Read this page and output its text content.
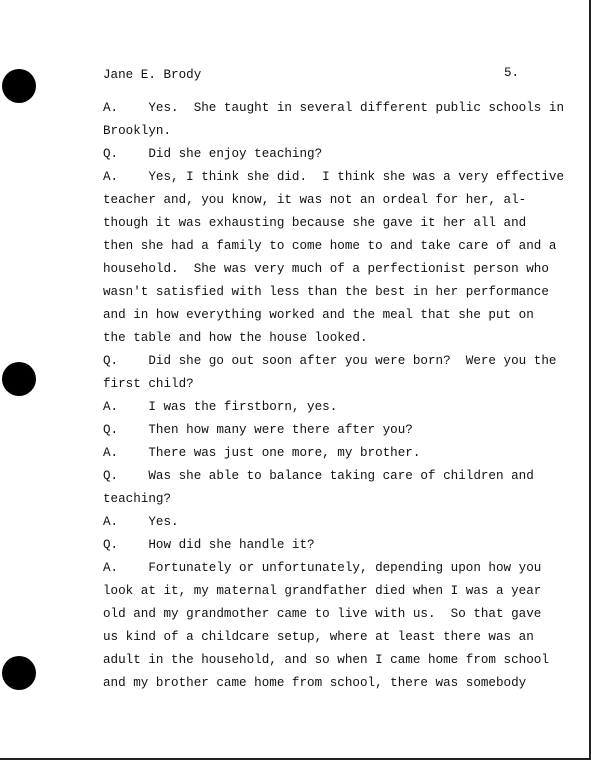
Jane E. Brody	5.
A.    Yes.  She taught in several different public schools in
Brooklyn.
Q.    Did she enjoy teaching?
A.    Yes, I think she did.  I think she was a very effective
teacher and, you know, it was not an ordeal for her, al-
though it was exhausting because she gave it her all and
then she had a family to come home to and take care of and a
household.  She was very much of a perfectionist person who
wasn't satisfied with less than the best in her performance
and in how everything worked and the meal that she put on
the table and how the house looked.
Q.    Did she go out soon after you were born?  Were you the
first child?
A.    I was the firstborn, yes.
Q.    Then how many were there after you?
A.    There was just one more, my brother.
Q.    Was she able to balance taking care of children and
teaching?
A.    Yes.
Q.    How did she handle it?
A.    Fortunately or unfortunately, depending upon how you
look at it, my maternal grandfather died when I was a year
old and my grandmother came to live with us.  So that gave
us kind of a childcare setup, where at least there was an
adult in the household, and so when I came home from school
and my brother came home from school, there was somebody
